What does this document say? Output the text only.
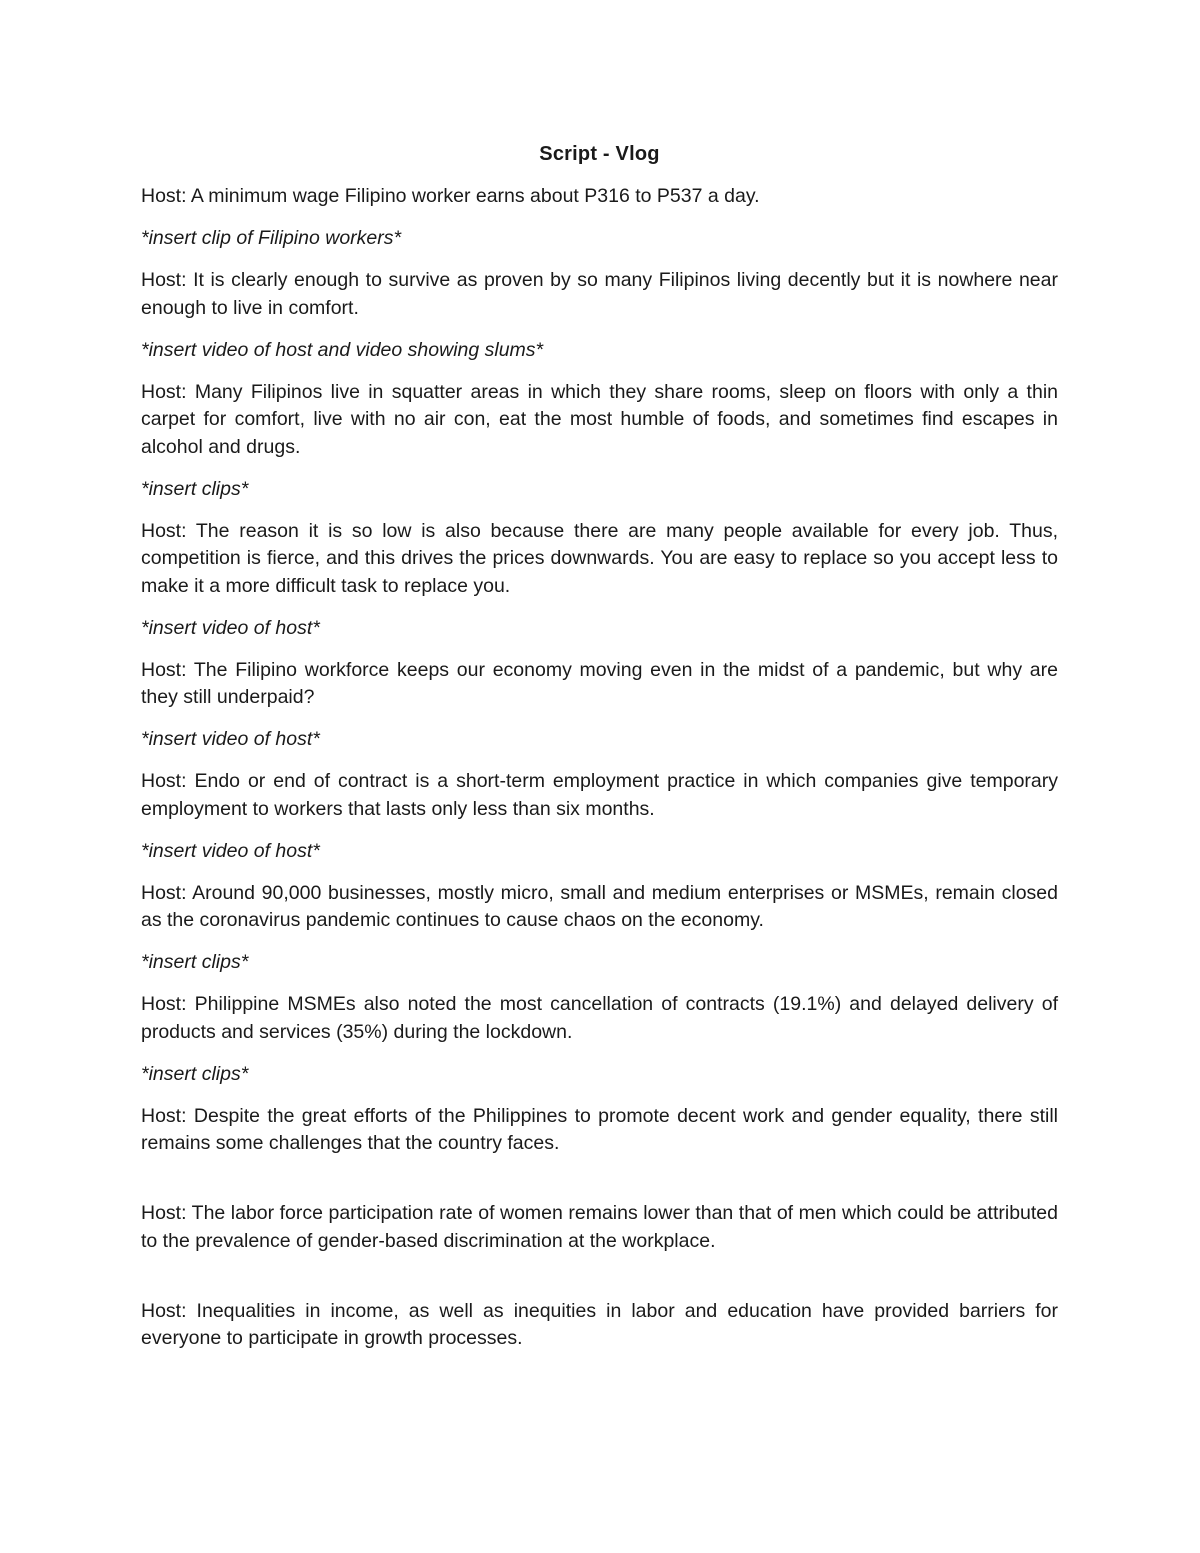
Script - Vlog

Host: A minimum wage Filipino worker earns about P316 to P537 a day.

*insert clip of Filipino workers*

Host: It is clearly enough to survive as proven by so many Filipinos living decently but it is nowhere near enough to live in comfort.

*insert video of host and video showing slums*

Host: Many Filipinos live in squatter areas in which they share rooms, sleep on floors with only a thin carpet for comfort, live with no air con, eat the most humble of foods, and sometimes find escapes in alcohol and drugs.

*insert clips*

Host: The reason it is so low is also because there are many people available for every job. Thus, competition is fierce, and this drives the prices downwards. You are easy to replace so you accept less to make it a more difficult task to replace you.

*insert video of host*

Host: The Filipino workforce keeps our economy moving even in the midst of a pandemic, but why are they still underpaid?

*insert video of host*

Host: Endo or end of contract is a short-term employment practice in which companies give temporary employment to workers that lasts only less than six months.

*insert video of host*

Host: Around 90,000 businesses, mostly micro, small and medium enterprises or MSMEs, remain closed as the coronavirus pandemic continues to cause chaos on the economy.

*insert clips*

Host: Philippine MSMEs also noted the most cancellation of contracts (19.1%) and delayed delivery of products and services (35%) during the lockdown.

*insert clips*

Host: Despite the great efforts of the Philippines to promote decent work and gender equality, there still remains some challenges that the country faces.

Host: The labor force participation rate of women remains lower than that of men which could be attributed to the prevalence of gender-based discrimination at the workplace.

Host: Inequalities in income, as well as inequities in labor and education have provided barriers for everyone to participate in growth processes.
